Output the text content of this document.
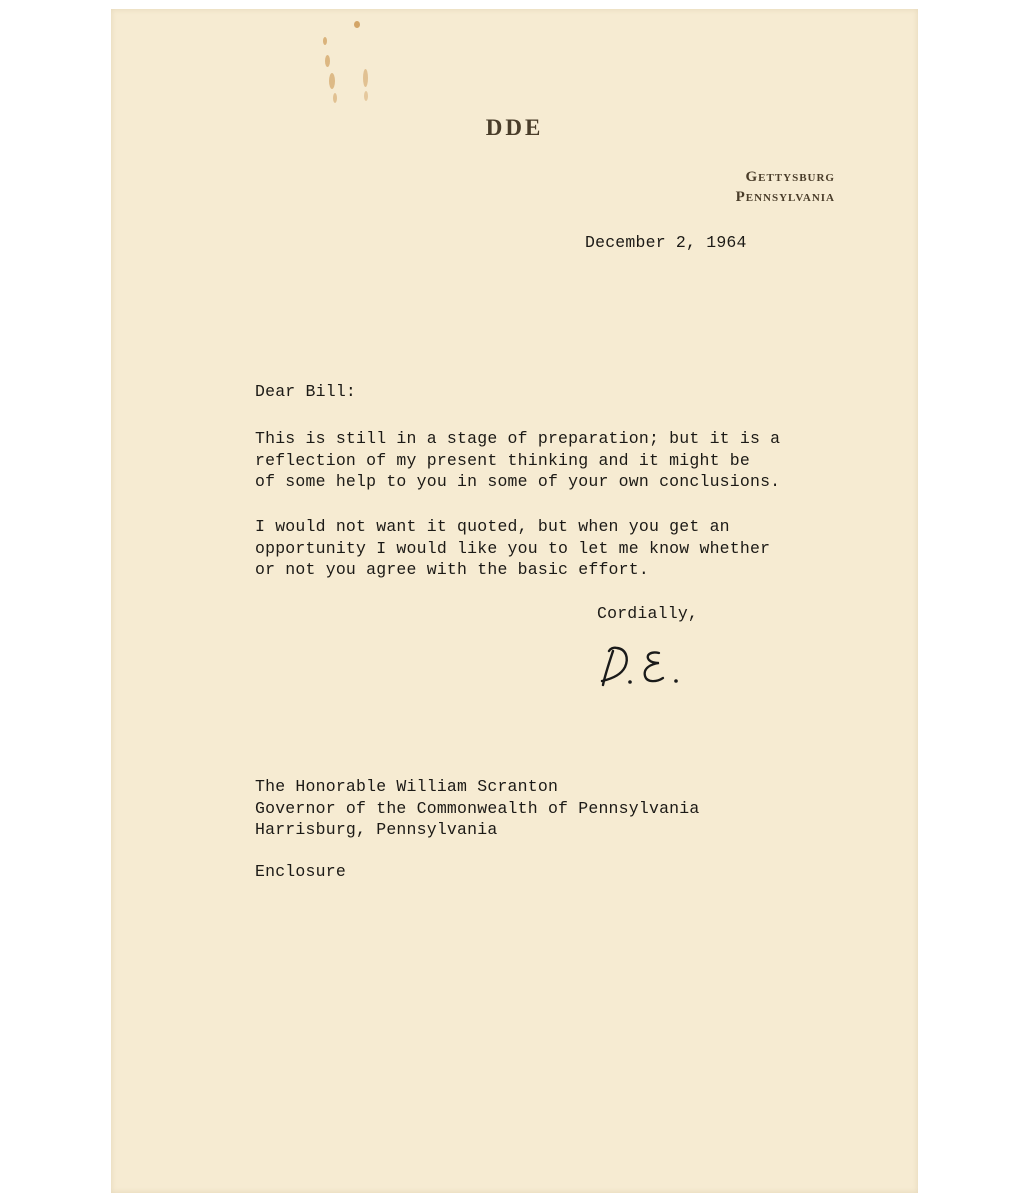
DDE
Gettysburg
Pennsylvania
December 2, 1964
Dear Bill:
This is still in a stage of preparation; but it is a
reflection of my present thinking and it might be
of some help to you in some of your own conclusions.
I would not want it quoted, but when you get an
opportunity I would like you to let me know whether
or not you agree with the basic effort.
Cordially,
The Honorable William Scranton
Governor of the Commonwealth of Pennsylvania
Harrisburg, Pennsylvania
Enclosure
